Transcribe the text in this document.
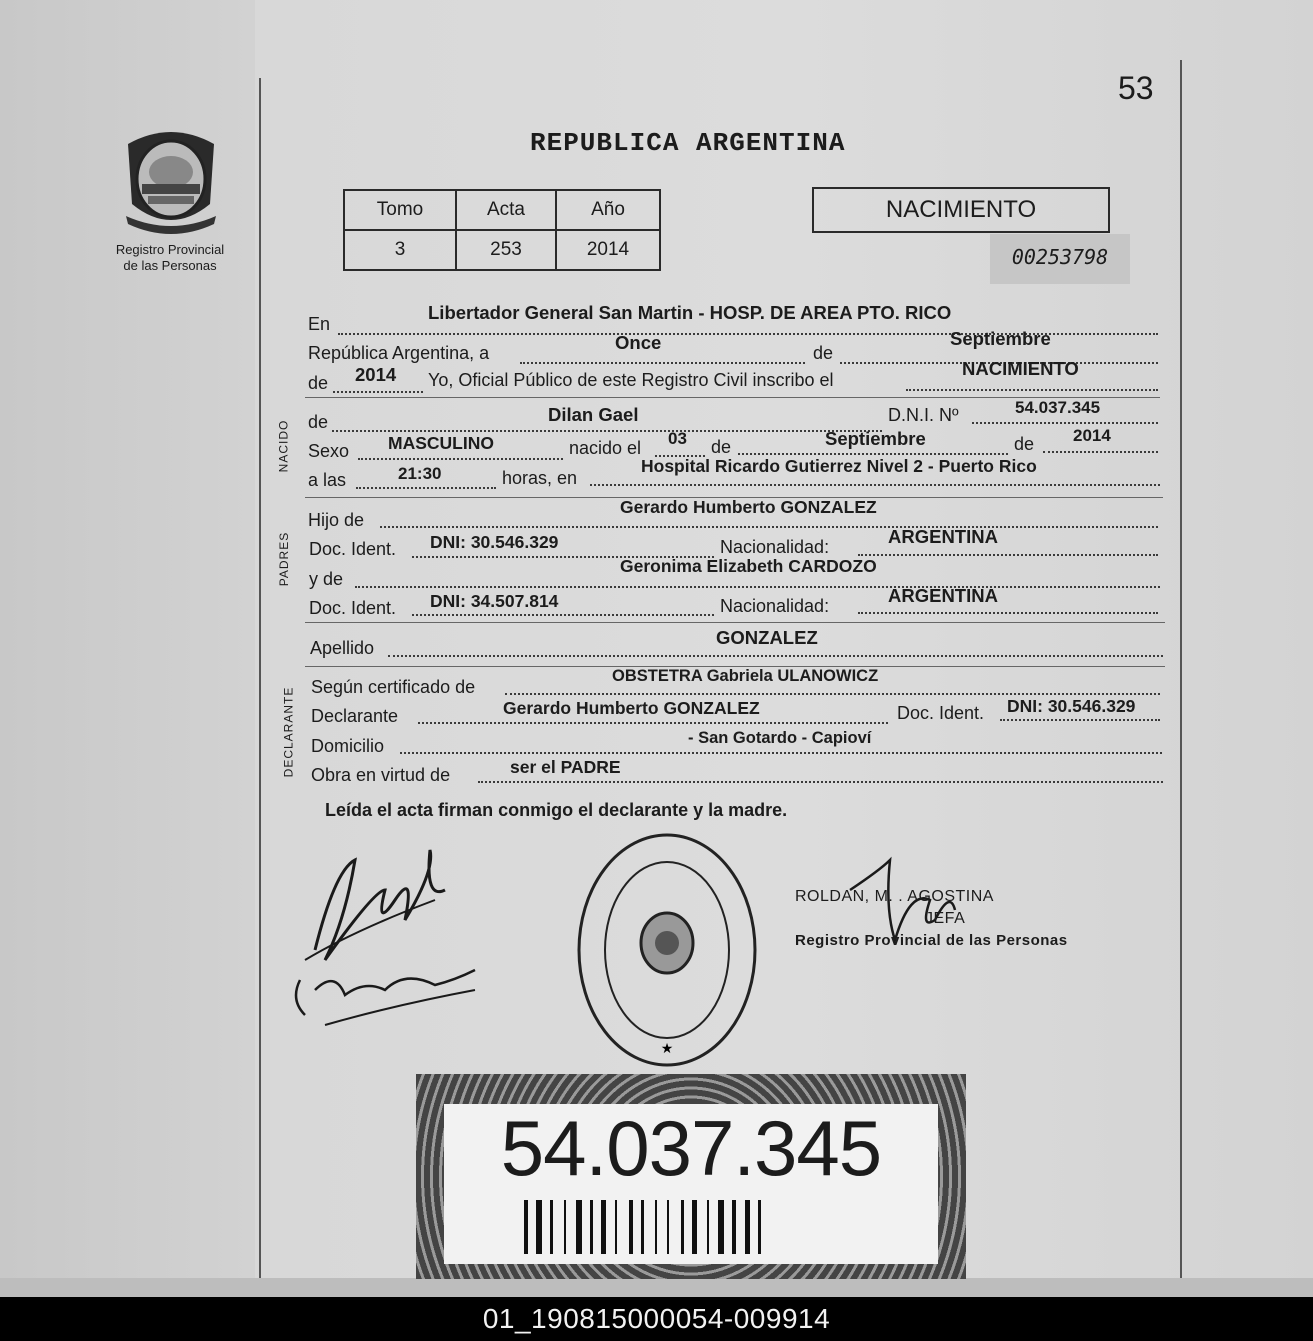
53
REPUBLICA ARGENTINA
Registro Provincial
de las Personas
Tomo	Acta	Año
3	253	2014
NACIMIENTO
00253798
En
Libertador General San Martin - HOSP. DE AREA PTO. RICO
República Argentina, a	Once	de
Septiembre
de 2014 Yo, Oficial Público de este Registro Civil inscribo el
NACIMIENTO
NACIDO de	Dilan Gael	D.N.I. Nº	54.037.345
Sexo MASCULINO	nacido el 03 de	Septiembre	de 2014
a las	21:30	horas, en
Hospital Ricardo Gutierrez Nivel 2 - Puerto Rico
PADRES
Hijo de
Gerardo Humberto GONZALEZ
Doc. Ident. DNI: 30.546.329	Nacionalidad:	ARGENTINA
y de
Geronima Elizabeth CARDOZO
Doc. Ident. DNI: 34.507.814	Nacionalidad:	ARGENTINA
Apellido	GONZALEZ
DECLARANTE Según certificado de
OBSTETRA Gabriela ULANOWICZ
Declarante	Gerardo Humberto GONZALEZ	Doc. Ident. DNI: 30.546.329
Domicilio	- San Gotardo - Capioví
Obra en virtud de	ser el PADRE
Leída el acta firman conmigo el declarante y la madre.
★
ROLDAN, M. . AGOSTINA
JEFA
Registro Provincial de las Personas
54.037.345
01_190815000054-009914
